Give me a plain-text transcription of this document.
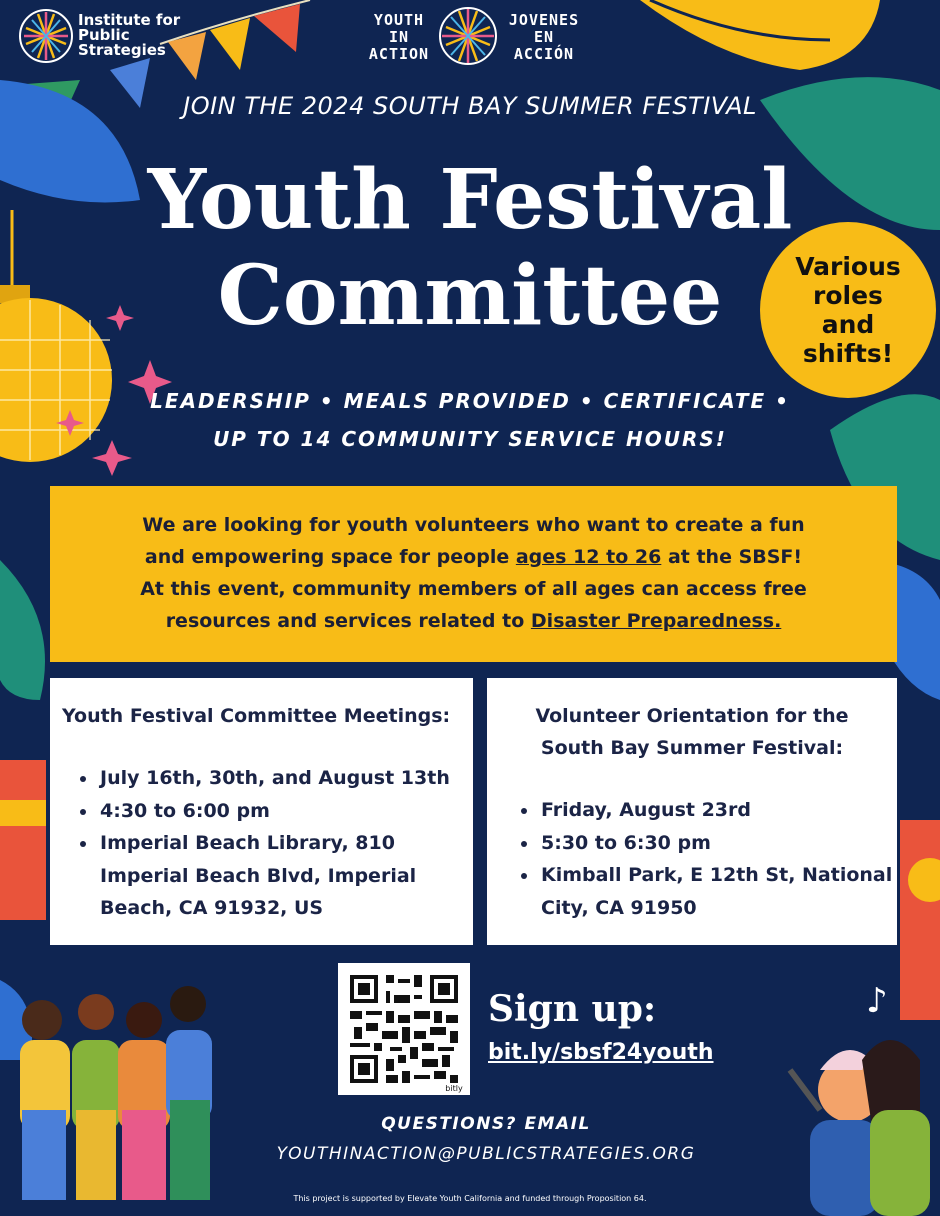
♪
Institute for
Public
Strategies
YOUTH
IN
ACTION
JOVENES
EN
ACCIÓN
JOIN THE 2024 SOUTH BAY SUMMER FESTIVAL
Youth Festival
Committee	Various
roles
and
shifts!
LEADERSHIP • MEALS PROVIDED • CERTIFICATE •
UP TO 14 COMMUNITY SERVICE HOURS!
We are looking for youth volunteers who want to create a fun
and empowering space for people ages 12 to 26 at the SBSF!
At this event, community members of all ages can access free
resources and services related to Disaster Preparedness.
Youth Festival Committee Meetings:
• July 16th, 30th, and August 13th
• 4:30 to 6:00 pm
• Imperial Beach Library, 810 Imperial Beach Blvd, Imperial Beach, CA 91932, US
Volunteer Orientation for the
South Bay Summer Festival:
• Friday, August 23rd
• 5:30 to 6:30 pm
• Kimball Park, E 12th St, National City, CA 91950
bitly
Sign up:
bit.ly/sbsf24youth
QUESTIONS? EMAIL
YOUTHINACTION@PUBLICSTRATEGIES.ORG
This project is supported by Elevate Youth California and funded through Proposition 64.
